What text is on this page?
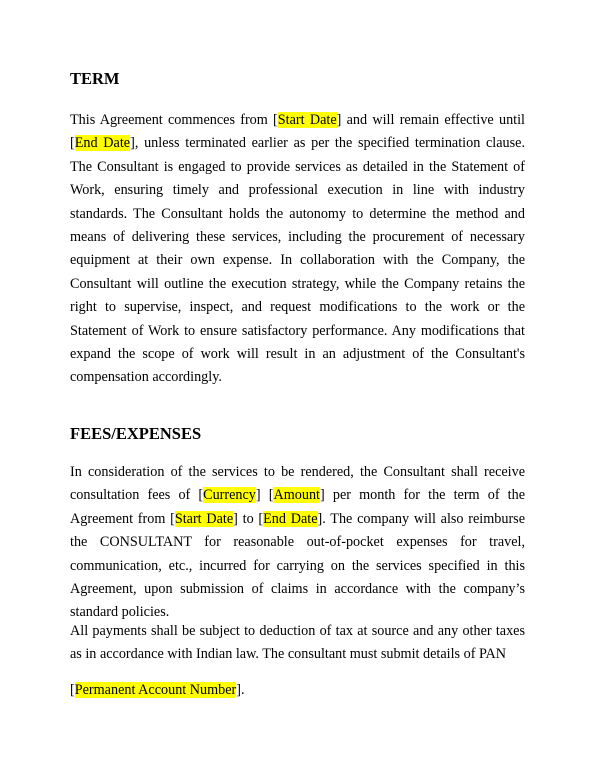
TERM

This Agreement commences from [Start Date] and will remain effective until [End Date], unless terminated earlier as per the specified termination clause. The Consultant is engaged to provide services as detailed in the Statement of Work, ensuring timely and professional execution in line with industry standards. The Consultant holds the autonomy to determine the method and means of delivering these services, including the procurement of necessary equipment at their own expense. In collaboration with the Company, the Consultant will outline the execution strategy, while the Company retains the right to supervise, inspect, and request modifications to the work or the Statement of Work to ensure satisfactory performance. Any modifications that expand the scope of work will result in an adjustment of the Consultant's compensation accordingly.

FEES/EXPENSES

In consideration of the services to be rendered, the Consultant shall receive consultation fees of [Currency] [Amount] per month for the term of the Agreement from [Start Date] to [End Date]. The company will also reimburse the CONSULTANT for reasonable out-of-pocket expenses for travel, communication, etc., incurred for carrying on the services specified in this Agreement, upon submission of claims in accordance with the company’s standard policies.

All payments shall be subject to deduction of tax at source and any other taxes as in accordance with Indian law. The consultant must submit details of PAN

[Permanent Account Number].
